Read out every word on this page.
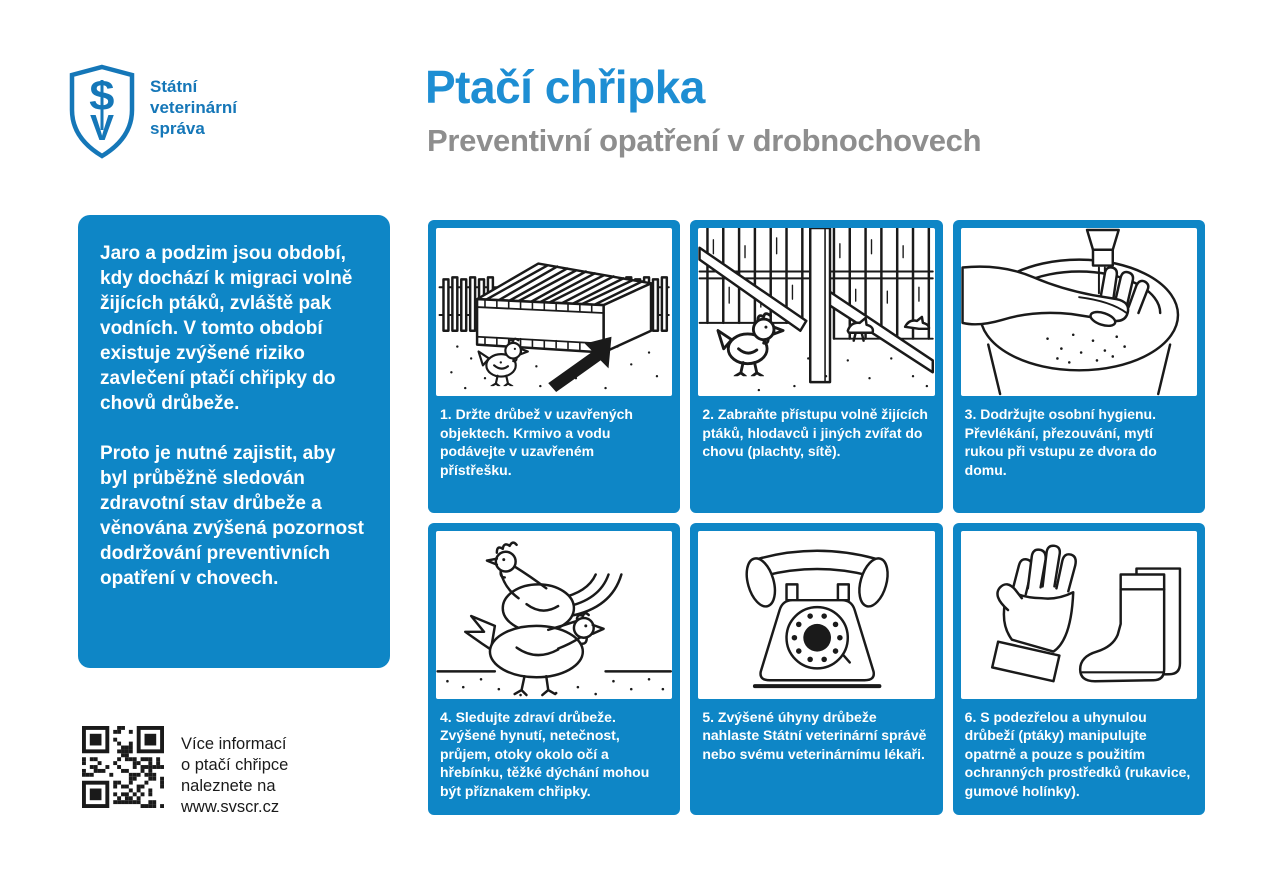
S
V
Státní
veterinární
správa
Ptačí chřipka
Preventivní opatření v drobnochovech

Jaro a podzim jsou období, kdy dochází k migraci volně žijících ptáků, zvláště pak vodních. V tomto období existuje zvýšené riziko zavlečení ptačí chřipky do chovů drůbeže.

Proto je nutné zajistit, aby byl průběžně sledován zdravotní stav drůbeže a věnována zvýšená pozornost dodržování preventivních opatření v chovech.

Více informací
o ptačí chřipce
naleznete na
www.svscr.cz
1. Držte drůbež v uzavřených objektech. Krmivo a vodu podávejte v uzavřeném přístřešku.
2. Zabraňte přístupu volně žijících ptáků, hlodavců i jiných zvířat do chovu (plachty, sítě).
3. Dodržujte osobní hygienu. Převlékání, přezouvání, mytí rukou při vstupu ze dvora do domu.
4. Sledujte zdraví drůbeže. Zvýšené hynutí, netečnost, průjem, otoky okolo očí a hřebínku, těžké dýchání mohou být příznakem chřipky.
5. Zvýšené úhyny drůbeže nahlaste Státní veterinární správě nebo svému veterinárnímu lékaři.
6. S podezřelou a uhynulou drůbeží (ptáky) manipulujte opatrně a pouze s použitím ochranných prostředků (rukavice, gumové holínky).
